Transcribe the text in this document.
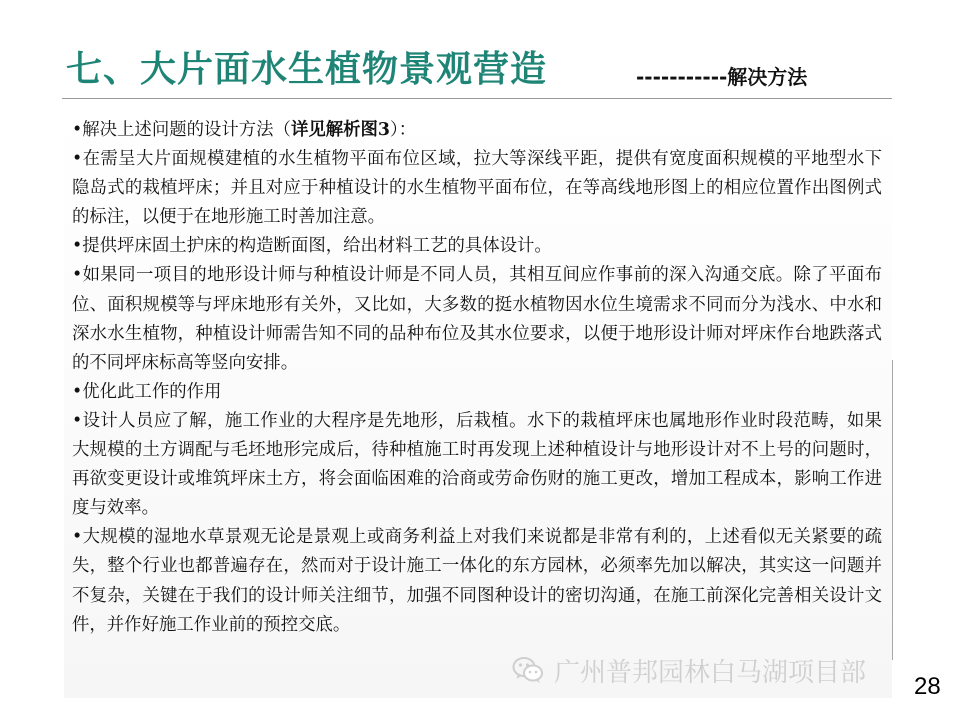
七、大片面水生植物景观营造	-----------解决方法

•解决上述问题的设计方法（详见解析图3）：

•在需呈大片面规模建植的水生植物平面布位区域，拉大等深线平距，提供有宽度面积规模的平地型水下隐岛式的栽植坪床；并且对应于种植设计的水生植物平面布位，在等高线地形图上的相应位置作出图例式的标注，以便于在地形施工时善加注意。

•提供坪床固土护床的构造断面图，给出材料工艺的具体设计。

•如果同一项目的地形设计师与种植设计师是不同人员，其相互间应作事前的深入沟通交底。除了平面布位、面积规模等与坪床地形有关外，又比如，大多数的挺水植物因水位生境需求不同而分为浅水、中水和深水水生植物，种植设计师需告知不同的品种布位及其水位要求，以便于地形设计师对坪床作台地跌落式的不同坪床标高等竖向安排。

•优化此工作的作用

•设计人员应了解，施工作业的大程序是先地形，后栽植。水下的栽植坪床也属地形作业时段范畴，如果大规模的土方调配与毛坯地形完成后，待种植施工时再发现上述种植设计与地形设计对不上号的问题时，再欲变更设计或堆筑坪床土方，将会面临困难的洽商或劳命伤财的施工更改，增加工程成本，影响工作进度与效率。

•大规模的湿地水草景观无论是景观上或商务利益上对我们来说都是非常有利的，上述看似无关紧要的疏失，整个行业也都普遍存在，然而对于设计施工一体化的东方园林，必须率先加以解决，其实这一问题并不复杂，关键在于我们的设计师关注细节，加强不同图种设计的密切沟通，在施工前深化完善相关设计文件，并作好施工作业前的预控交底。

广州普邦园林白马湖项目部 28
